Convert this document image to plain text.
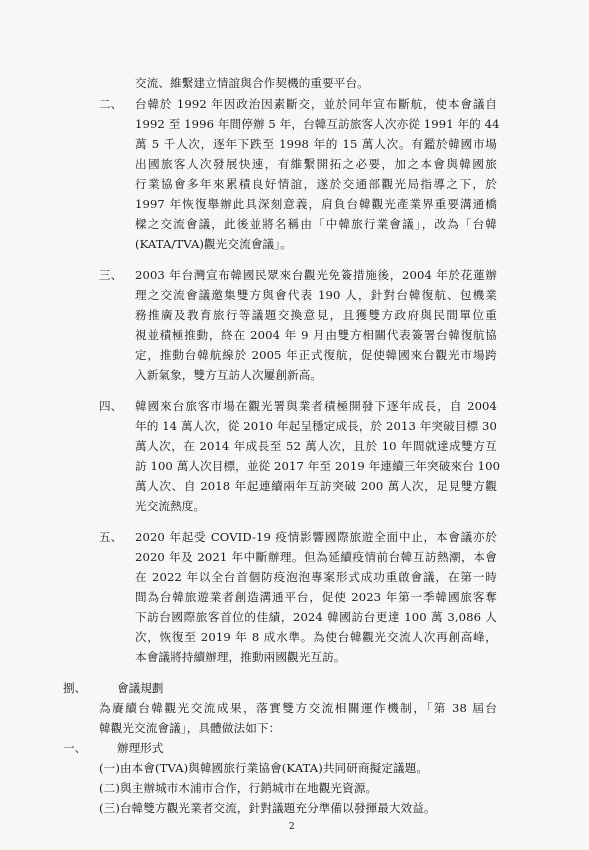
交流、維繫建立情誼與合作契機的重要平台。
二、 台韓於 1992 年因政治因素斷交，並於同年宣布斷航，使本會議自
1992 至 1996 年間停辦 5 年，台韓互訪旅客人次亦從 1991 年的 44
萬 5 千人次，逐年下跌至 1998 年的 15 萬人次。有鑑於韓國市場
出國旅客人次發展快速，有維繫開拓之必要，加之本會與韓國旅
行業協會多年來累積良好情誼，遂於交通部觀光局指導之下，於
1997 年恢復舉辦此具深刻意義，肩負台韓觀光產業界重要溝通橋
樑之交流會議，此後並將名稱由「中韓旅行業會議」，改為「台韓
(KATA/TVA)觀光交流會議」。
三、 2003 年台灣宣布韓國民眾來台觀光免簽措施後，2004 年於花蓮辦
理之交流會議邀集雙方與會代表 190 人，針對台韓復航、包機業
務推廣及教育旅行等議題交換意見，且獲雙方政府與民間單位重
視並積極推動，終在 2004 年 9 月由雙方相關代表簽署台韓復航協
定，推動台韓航線於 2005 年正式復航，促使韓國來台觀光市場跨
入新氣象，雙方互訪人次屢創新高。
四、 韓國來台旅客市場在觀光署與業者積極開發下逐年成長，自 2004
年的 14 萬人次，從 2010 年起呈穩定成長，於 2013 年突破目標 30
萬人次，在 2014 年成長至 52 萬人次，且於 10 年間就達成雙方互
訪 100 萬人次目標，並從 2017 年至 2019 年連續三年突破來台 100
萬人次、自 2018 年起連續兩年互訪突破 200 萬人次，足見雙方觀
光交流熱度。
五、 2020 年起受 COVID-19 疫情影響國際旅遊全面中止，本會議亦於
2020 年及 2021 年中斷辦理。但為延續疫情前台韓互訪熱潮，本會
在 2022 年以全台首個防疫泡泡專案形式成功重啟會議，在第一時
間為台韓旅遊業者創造溝通平台，促使 2023 年第一季韓國旅客奪
下訪台國際旅客首位的佳績，2024 韓國訪台更達 100 萬 3,086 人
次，恢復至 2019 年 8 成水準。為使台韓觀光交流人次再創高峰，
本會議將持續辦理，推動兩國觀光互訪。
捌、	會議規劃
為賡續台韓觀光交流成果，落實雙方交流相關運作機制，「第 38 屆台
韓觀光交流會議」，具體做法如下：
一、	辦理形式
(一)由本會(TVA)與韓國旅行業協會(KATA)共同研商擬定議題。
(二)與主辦城市木浦市合作，行銷城市在地觀光資源。
(三)台韓雙方觀光業者交流，針對議題充分準備以發揮最大效益。
2
